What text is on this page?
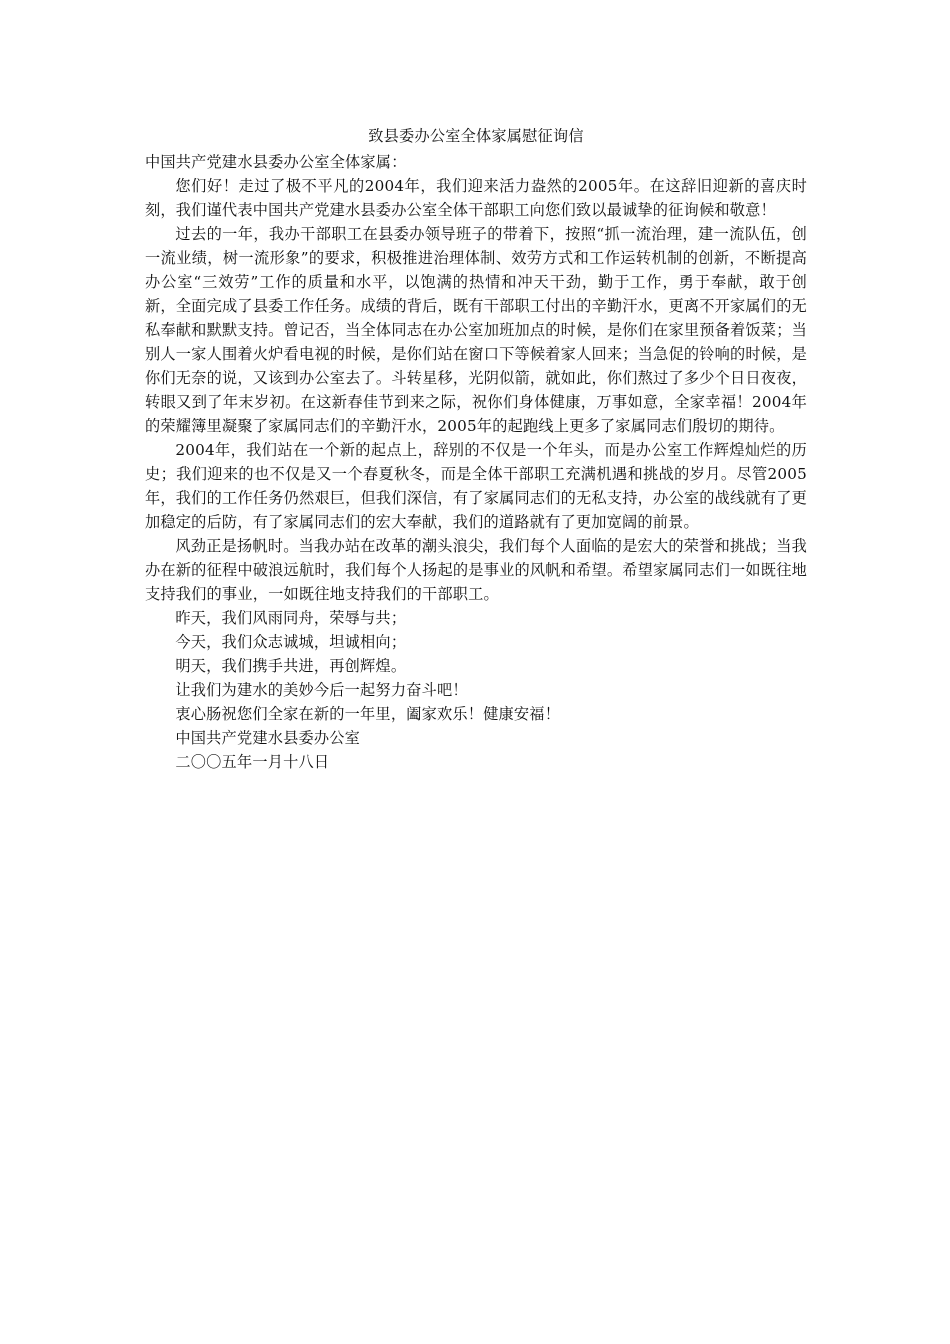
致县委办公室全体家属慰征询信

中国共产党建水县委办公室全体家属：

您们好！走过了极不平凡的2004年，我们迎来活力盎然的2005年。在这辞旧迎新的喜庆时刻，我们谨代表中国共产党建水县委办公室全体干部职工向您们致以最诚挚的征询候和敬意！

过去的一年，我办干部职工在县委办领导班子的带着下，按照“抓一流治理，建一流队伍，创一流业绩，树一流形象”的要求，积极推进治理体制、效劳方式和工作运转机制的创新，不断提高办公室“三效劳”工作的质量和水平，以饱满的热情和冲天干劲，勤于工作，勇于奉献，敢于创新，全面完成了县委工作任务。成绩的背后，既有干部职工付出的辛勤汗水，更离不开家属们的无私奉献和默默支持。曾记否，当全体同志在办公室加班加点的时候，是你们在家里预备着饭菜；当别人一家人围着火炉看电视的时候，是你们站在窗口下等候着家人回来；当急促的铃响的时候，是你们无奈的说，又该到办公室去了。斗转星移，光阴似箭，就如此，你们熬过了多少个日日夜夜，转眼又到了年末岁初。在这新春佳节到来之际，祝你们身体健康，万事如意，全家幸福！2004年的荣耀簿里凝聚了家属同志们的辛勤汗水，2005年的起跑线上更多了家属同志们殷切的期待。

2004年，我们站在一个新的起点上，辞别的不仅是一个年头，而是办公室工作辉煌灿烂的历史；我们迎来的也不仅是又一个春夏秋冬，而是全体干部职工充满机遇和挑战的岁月。尽管2005年，我们的工作任务仍然艰巨，但我们深信，有了家属同志们的无私支持，办公室的战线就有了更加稳定的后防，有了家属同志们的宏大奉献，我们的道路就有了更加宽阔的前景。

风劲正是扬帆时。当我办站在改革的潮头浪尖，我们每个人面临的是宏大的荣誉和挑战；当我办在新的征程中破浪远航时，我们每个人扬起的是事业的风帆和希望。希望家属同志们一如既往地支持我们的事业，一如既往地支持我们的干部职工。

昨天，我们风雨同舟，荣辱与共；

今天，我们众志诚城，坦诚相向；

明天，我们携手共进，再创辉煌。

让我们为建水的美妙今后一起努力奋斗吧！

衷心肠祝您们全家在新的一年里，阖家欢乐！健康安福！

中国共产党建水县委办公室

二〇〇五年一月十八日
